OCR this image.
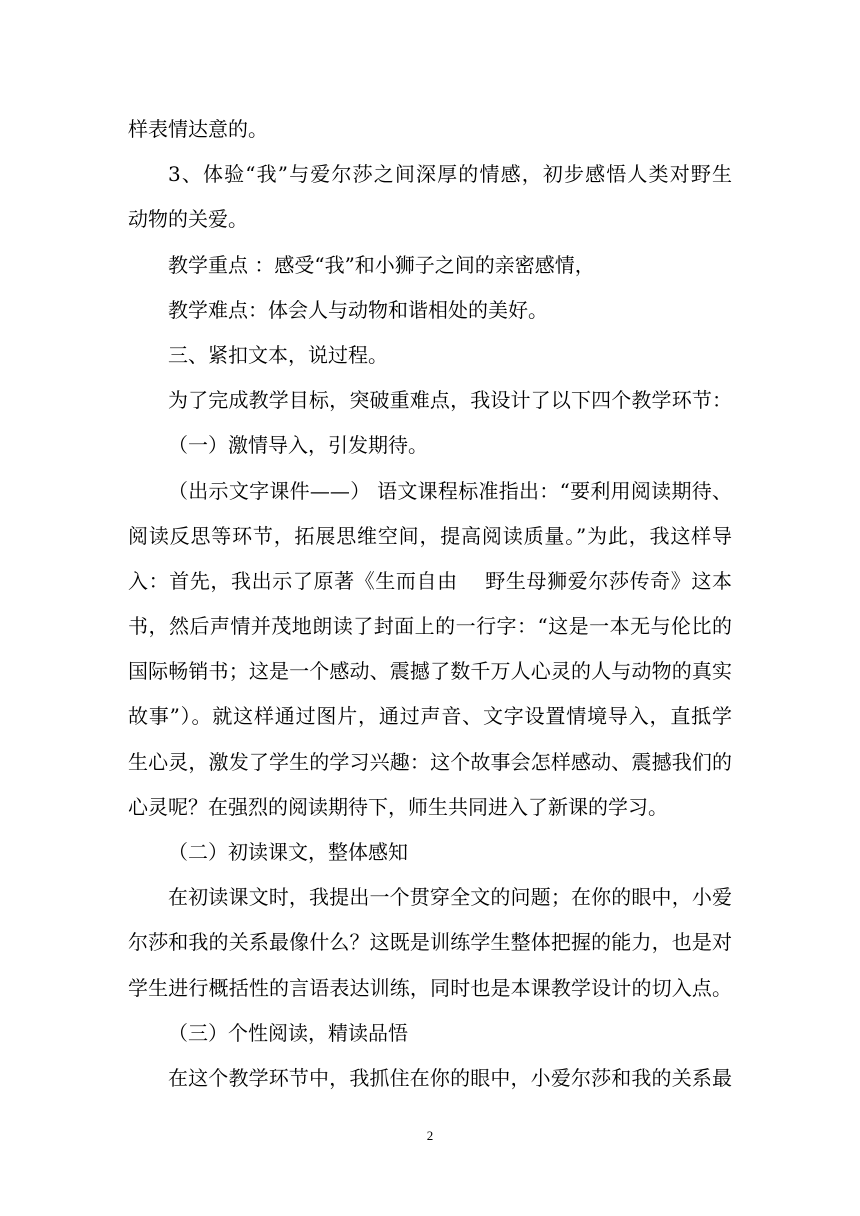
样表情达意的。
3、体验“我”与爱尔莎之间深厚的情感，初步感悟人类对野生
动物的关爱。
教学重点 ：感受“我”和小狮子之间的亲密感情，
教学难点：体会人与动物和谐相处的美好。
三、紧扣文本，说过程。
为了完成教学目标，突破重难点，我设计了以下四个教学环节：
（一）激情导入，引发期待。
（出示文字课件——） 语文课程标准指出：“要利用阅读期待、
阅读反思等环节，拓展思维空间，提高阅读质量。”为此，我这样导
入：首先，我出示了原著《生而自由　 野生母狮爱尔莎传奇》这本
书，然后声情并茂地朗读了封面上的一行字：“这是一本无与伦比的
国际畅销书；这是一个感动、震撼了数千万人心灵的人与动物的真实
故事”）。就这样通过图片，通过声音、文字设置情境导入，直抵学
生心灵，激发了学生的学习兴趣：这个故事会怎样感动、震撼我们的
心灵呢？在强烈的阅读期待下，师生共同进入了新课的学习。
（二）初读课文，整体感知
在初读课文时，我提出一个贯穿全文的问题；在你的眼中，小爱
尔莎和我的关系最像什么？这既是训练学生整体把握的能力，也是对
学生进行概括性的言语表达训练，同时也是本课教学设计的切入点。
（三）个性阅读，精读品悟
在这个教学环节中，我抓住在你的眼中，小爱尔莎和我的关系最
2
